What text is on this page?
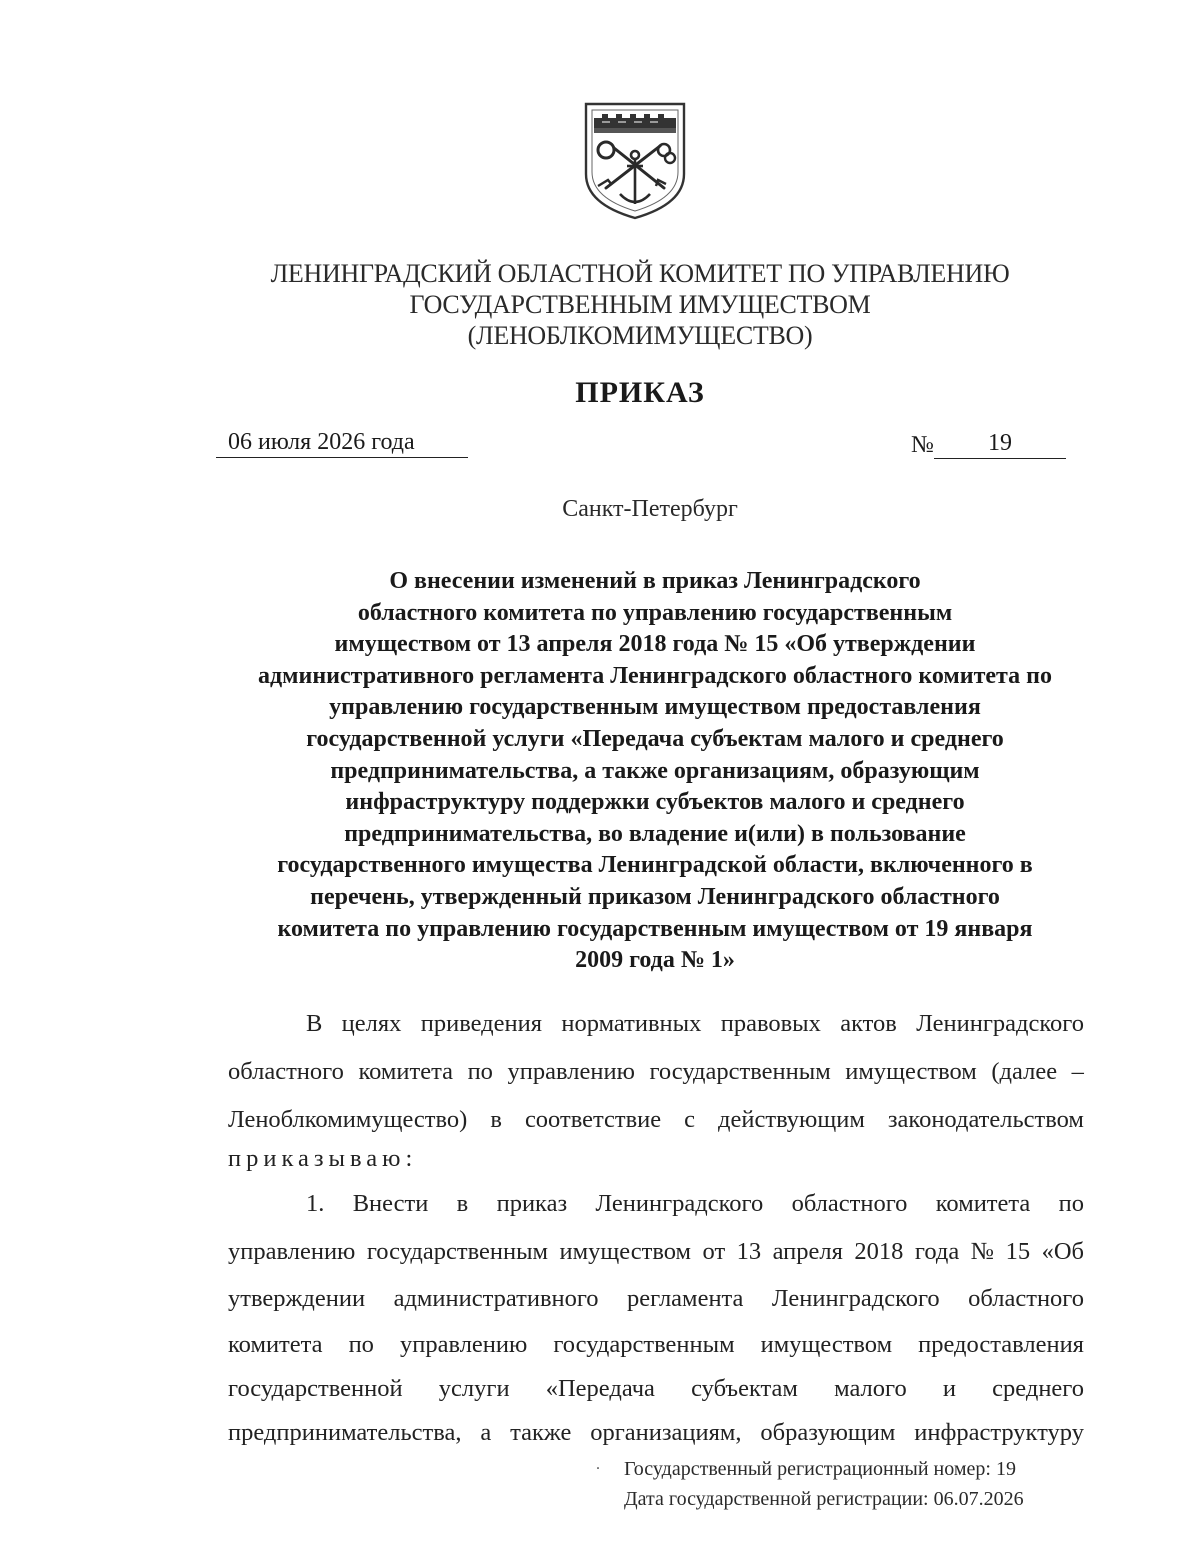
ЛЕНИНГРАДСКИЙ ОБЛАСТНОЙ КОМИТЕТ ПО УПРАВЛЕНИЮ
ГОСУДАРСТВЕННЫМ ИМУЩЕСТВОМ
(ЛЕНОБЛКОМИМУЩЕСТВО)
ПРИКАЗ
06 июля 2026 года	№	19
Санкт-Петербург
О внесении изменений в приказ Ленинградского
областного комитета по управлению государственным
имуществом от 13 апреля 2018 года № 15 «Об утверждении
административного регламента Ленинградского областного комитета по
управлению государственным имуществом предоставления
государственной услуги «Передача субъектам малого и среднего
предпринимательства, а также организациям, образующим
инфраструктуру поддержки субъектов малого и среднего
предпринимательства, во владение и(или) в пользование
государственного имущества Ленинградской области, включенного в
перечень, утвержденный приказом Ленинградского областного
комитета по управлению государственным имуществом от 19 января
2009 года № 1»
В целях приведения нормативных правовых актов Ленинградского
областного комитета по управлению государственным имуществом (далее –
Леноблкомимущество) в соответствие с действующим законодательством
приказываю:
1. Внести в приказ Ленинградского областного комитета по
управлению государственным имуществом от 13 апреля 2018 года № 15 «Об
утверждении административного регламента Ленинградского областного
комитета по управлению государственным имуществом предоставления
государственной услуги «Передача субъектам малого и среднего
предпринимательства, а также организациям, образующим инфраструктуру
. Государственный регистрационный номер: 19
Дата государственной регистрации: 06.07.2026
